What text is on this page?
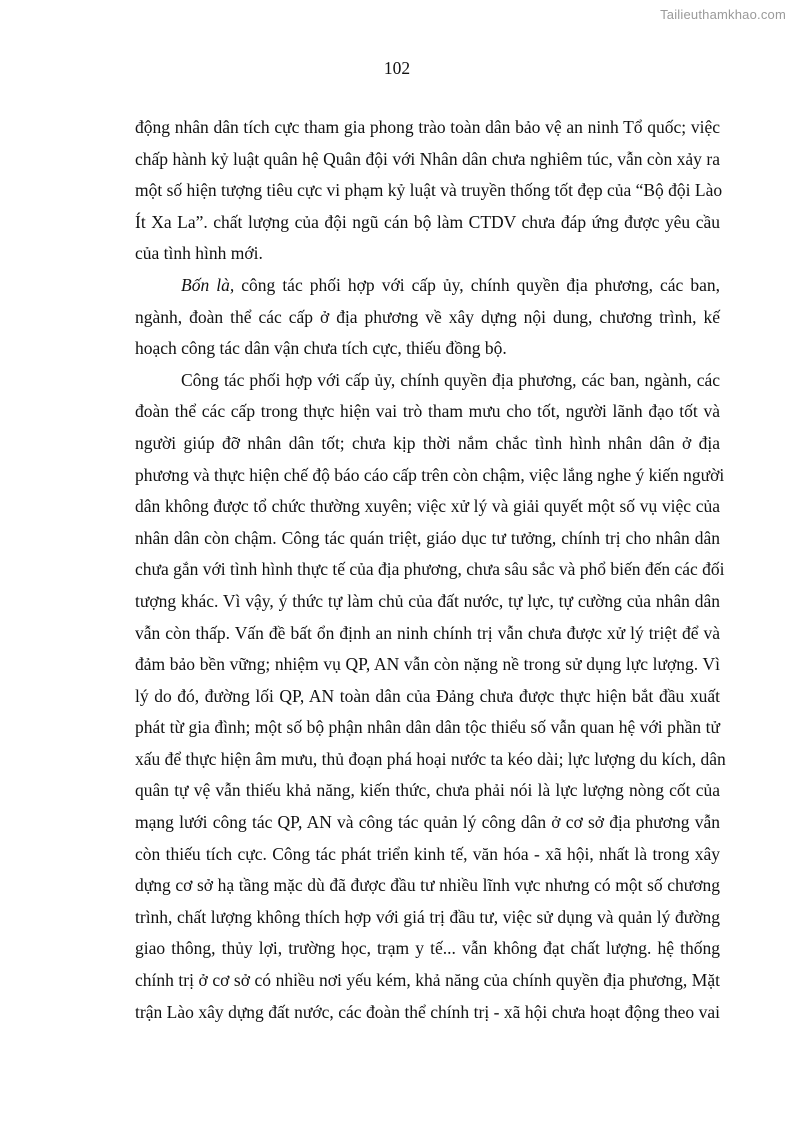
Tailieuthamkhao.com
102
động nhân dân tích cực tham gia phong trào toàn dân bảo vệ an ninh Tổ quốc; việc
chấp hành kỷ luật quân hệ Quân đội với Nhân dân chưa nghiêm túc, vẫn còn xảy ra
một số hiện tượng tiêu cực vi phạm kỷ luật và truyền thống tốt đẹp của “Bộ đội Lào
Ít Xa La”. chất lượng của đội ngũ cán bộ làm CTDV chưa đáp ứng được yêu cầu
của tình hình mới.
Bốn là, công tác phối hợp với cấp ủy, chính quyền địa phương, các ban,
ngành, đoàn thể các cấp ở địa phương về xây dựng nội dung, chương trình, kế
hoạch công tác dân vận chưa tích cực, thiếu đồng bộ.
Công tác phối hợp với cấp ủy, chính quyền địa phương, các ban, ngành, các
đoàn thể các cấp trong thực hiện vai trò tham mưu cho tốt, người lãnh đạo tốt và
người giúp đỡ nhân dân tốt; chưa kịp thời nắm chắc tình hình nhân dân ở địa
phương và thực hiện chế độ báo cáo cấp trên còn chậm, việc lắng nghe ý kiến người
dân không được tổ chức thường xuyên; việc xử lý và giải quyết một số vụ việc của
nhân dân còn chậm. Công tác quán triệt, giáo dục tư tưởng, chính trị cho nhân dân
chưa gắn với tình hình thực tế của địa phương, chưa sâu sắc và phổ biến đến các đối
tượng khác. Vì vậy, ý thức tự làm chủ của đất nước, tự lực, tự cường của nhân dân
vẫn còn thấp. Vấn đề bất ổn định an ninh chính trị vẫn chưa được xử lý triệt để và
đảm bảo bền vững; nhiệm vụ QP, AN vẫn còn nặng nề trong sử dụng lực lượng. Vì
lý do đó, đường lối QP, AN toàn dân của Đảng chưa được thực hiện bắt đầu xuất
phát từ gia đình; một số bộ phận nhân dân dân tộc thiểu số vẫn quan hệ với phần tử
xấu để thực hiện âm mưu, thủ đoạn phá hoại nước ta kéo dài; lực lượng du kích, dân
quân tự vệ vẫn thiếu khả năng, kiến thức, chưa phải nói là lực lượng nòng cốt của
mạng lưới công tác QP, AN và công tác quản lý công dân ở cơ sở địa phương vẫn
còn thiếu tích cực. Công tác phát triển kinh tế, văn hóa - xã hội, nhất là trong xây
dựng cơ sở hạ tầng mặc dù đã được đầu tư nhiều lĩnh vực nhưng có một số chương
trình, chất lượng không thích hợp với giá trị đầu tư, việc sử dụng và quản lý đường
giao thông, thủy lợi, trường học, trạm y tế... vẫn không đạt chất lượng. hệ thống
chính trị ở cơ sở có nhiều nơi yếu kém, khả năng của chính quyền địa phương, Mặt
trận Lào xây dựng đất nước, các đoàn thể chính trị - xã hội chưa hoạt động theo vai
